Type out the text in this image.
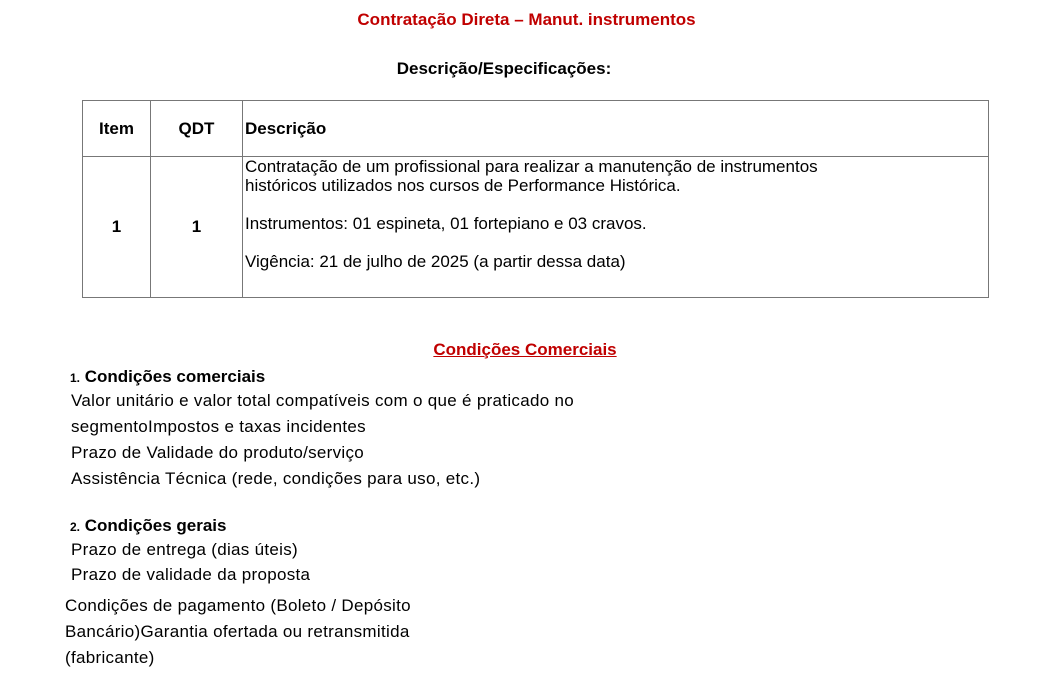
Contratação Direta – Manut. instrumentos
Descrição/Especificações:
Item	QDT	Descrição
1	1	Contratação de um profissional para realizar a manutenção de instrumentos
históricos utilizados nos cursos de Performance Histórica.
Instrumentos: 01 espineta, 01 fortepiano e 03 cravos.
Vigência: 21 de julho de 2025 (a partir dessa data)
Condições Comerciais
1. Condições comerciais
Valor unitário e valor total compatíveis com o que é praticado no
segmentoImpostos e taxas incidentes
Prazo de Validade do produto/serviço
Assistência Técnica (rede, condições para uso, etc.)
2. Condições gerais
Prazo de entrega (dias úteis)
Prazo de validade da proposta
Condições de pagamento (Boleto / Depósito
Bancário)Garantia ofertada ou retransmitida
(fabricante)
